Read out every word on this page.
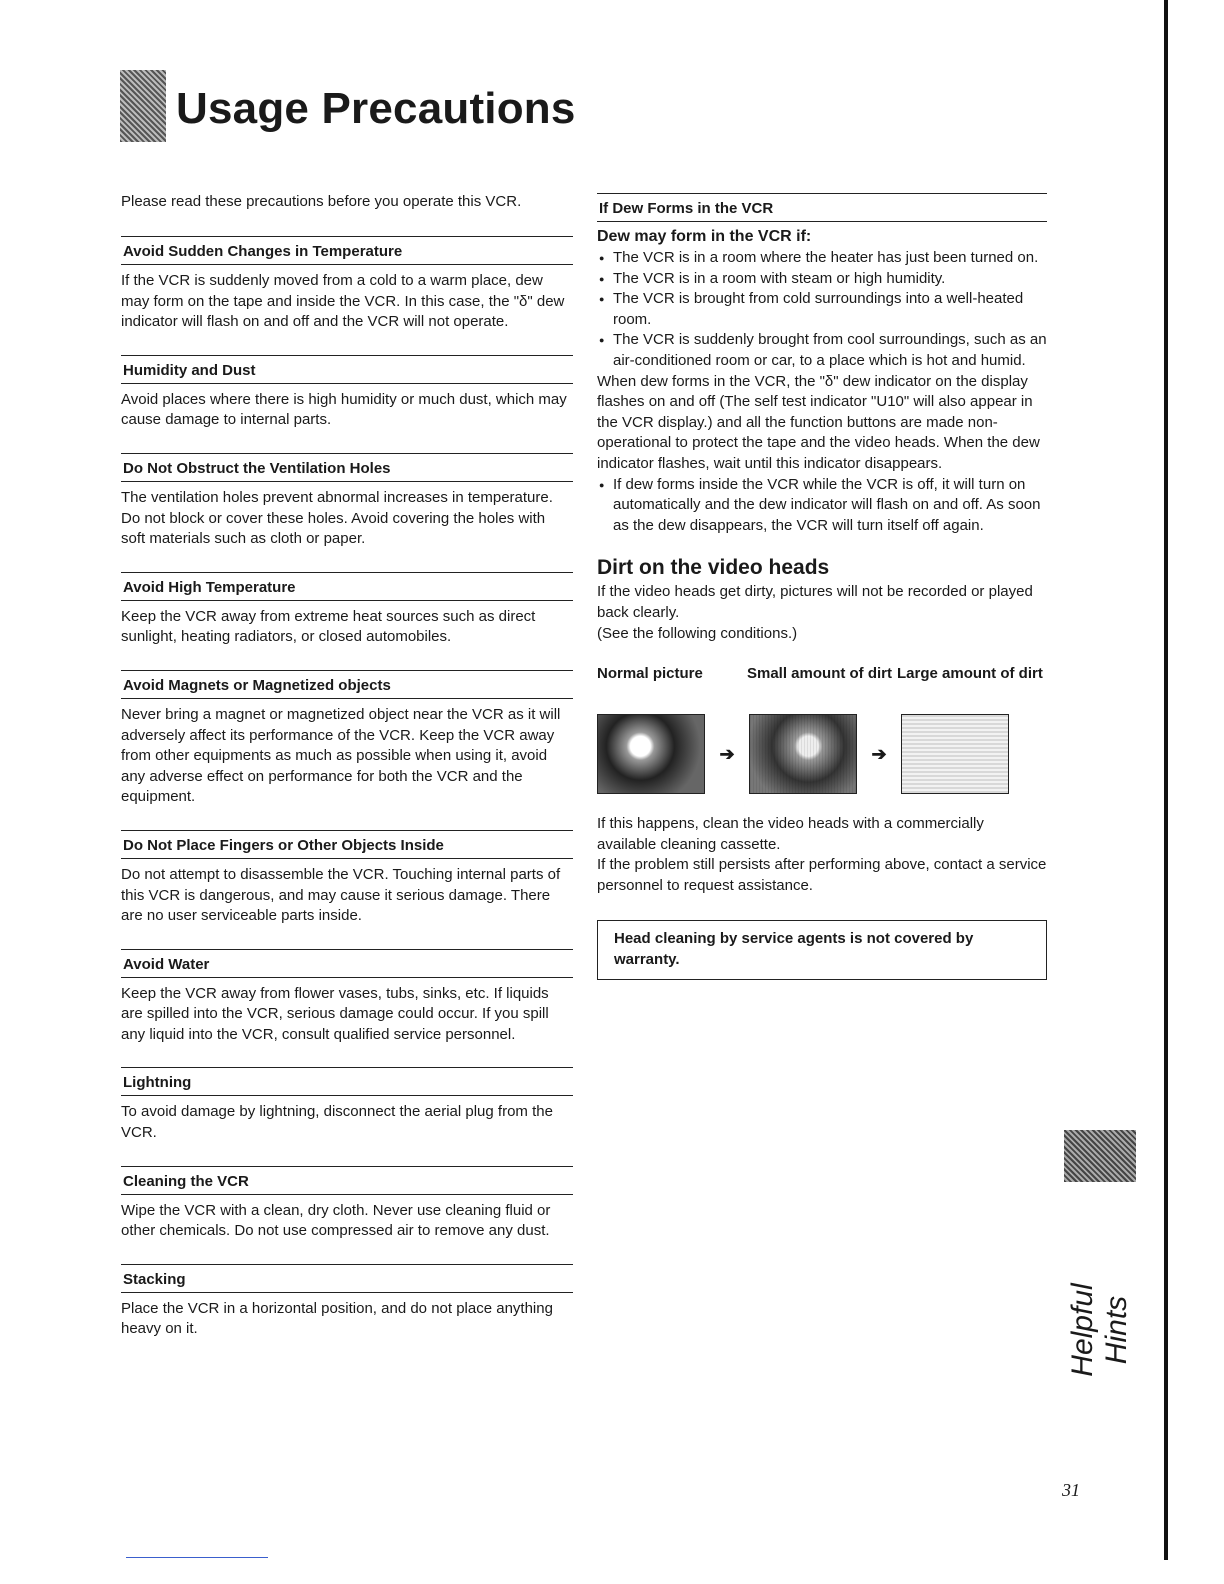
Usage Precautions

Please read these precautions before you operate this VCR.

Avoid Sudden Changes in Temperature

If the VCR is suddenly moved from a cold to a warm place, dew may form on the tape and inside the VCR. In this case, the "δ" dew indicator will flash on and off and the VCR will not operate.

Humidity and Dust

Avoid places where there is high humidity or much dust, which may cause damage to internal parts.

Do Not Obstruct the Ventilation Holes

The ventilation holes prevent abnormal increases in temperature. Do not block or cover these holes. Avoid covering the holes with soft materials such as cloth or paper.

Avoid High Temperature

Keep the VCR away from extreme heat sources such as direct sunlight, heating radiators, or closed automobiles.

Avoid Magnets or Magnetized objects

Never bring a magnet or magnetized object near the VCR as it will adversely affect its performance of the VCR. Keep the VCR away from other equipments as much as possible when using it, avoid any adverse effect on performance for both the VCR and the equipment.

Do Not Place Fingers or Other Objects Inside

Do not attempt to disassemble the VCR. Touching internal parts of this VCR is dangerous, and may cause it serious damage. There are no user serviceable parts inside.

Avoid Water

Keep the VCR away from flower vases, tubs, sinks, etc. If liquids are spilled into the VCR, serious damage could occur. If you spill any liquid into the VCR, consult qualified service personnel.

Lightning

To avoid damage by lightning, disconnect the aerial plug from the VCR.

Cleaning the VCR

Wipe the VCR with a clean, dry cloth. Never use cleaning fluid or other chemicals. Do not use compressed air to remove any dust.

Stacking

Place the VCR in a horizontal position, and do not place anything heavy on it.

If Dew Forms in the VCR

Dew may form in the VCR if:

● The VCR is in a room where the heater has just been turned on.
● The VCR is in a room with steam or high humidity.
● The VCR is brought from cold surroundings into a well-heated room.
● The VCR is suddenly brought from cool surroundings, such as an air-conditioned room or car, to a place which is hot and humid.

When dew forms in the VCR, the "δ" dew indicator on the display flashes on and off (The self test indicator "U10" will also appear in the VCR display.) and all the function buttons are made non-operational to protect the tape and the video heads. When the dew indicator flashes, wait until this indicator disappears.

● If dew forms inside the VCR while the VCR is off, it will turn on automatically and the dew indicator will flash on and off. As soon as the dew disappears, the VCR will turn itself off again.
Dirt on the video heads

If the video heads get dirty, pictures will not be recorded or played back clearly.

(See the following conditions.)

Normal picture	Small amount of dirt Large amount of dirt
➔	➔

If this happens, clean the video heads with a commercially available cleaning cassette.

If the problem still persists after performing above, contact a service personnel to request assistance.

Head cleaning by service agents is not covered by warranty.

Helpful Hints

31
